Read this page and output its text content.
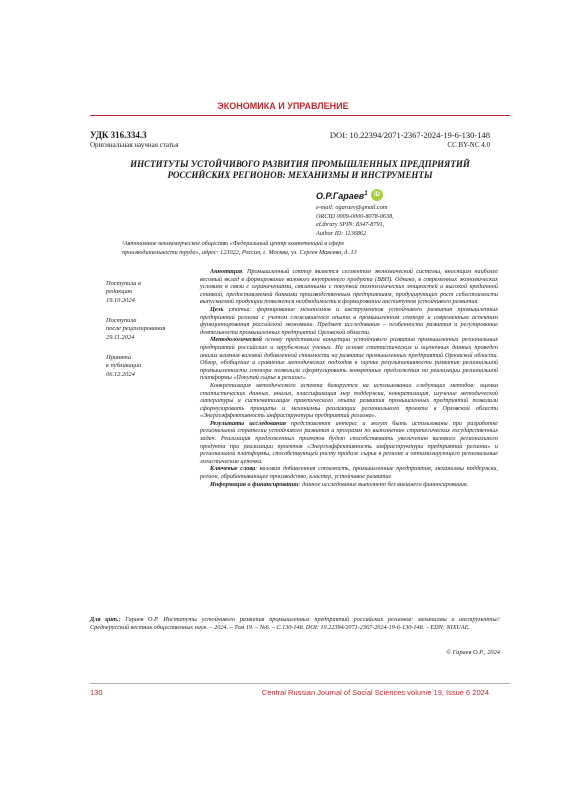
ЭКОНОМИКА И УПРАВЛЕНИЕ
УДК 316.334.3	DOI: 10.22394/2071-2367-2024-19-6-130-148
Оригинальная научная статья	CC BY-NC 4.0
ИНСТИТУТЫ УСТОЙЧИВОГО РАЗВИТИЯ ПРОМЫШЛЕННЫХ ПРЕДПРИЯТИЙ
РОССИЙСКИХ РЕГИОНОВ: МЕХАНИЗМЫ И ИНСТРУМЕНТЫ
О.Р.Гараев$^1$	iD
e-mail: ogaraev@gmail.com
ORCID 0009-0000-8078-0638,
eLibrary SPIN: 8347-8791,
Author ID: 1136862
¹Автономное некоммерческое общество «Федеральный центр компетенций в сфере
производительности труда», адрес: 123022, Россия, г. Москва, ул. Сергея Макеева, д. 13
Поступила в
редакцию
19.10.2024
Поступила
после рецензирования
29.11.2024
Принята
к публикации
06.12.2024

Аннотация. Промышленный сектор является сегментом экономической системы, вносящим наиболее весомый вклад в формирование валового внутреннего продукта (ВВП). Однако, в современных экономических условиях в связи с ограничениями, связанными с покупкой технологических мощностей и высокой кредитной ставкой, предоставляемой банками производственным предприятиям, продуцирующих рост себестоимости выпускаемой продукции появляется необходимость в формировании институтов устойчивого развития.

Цель статьи: формирование механизмов и инструментов устойчивого развития промышленных предприятий региона с учетом сложившегося опыта в промышленном секторе и современным аспектам функционирования российской экономики. Предмет исследования – особенности развития и регулирование деятельности промышленных предприятий Орловской области.

Методологической основу представили концепции устойчивого развития промышленных региональных предприятий российских и зарубежных ученых. На основе статистических и оценочных данных проведен анализ влияния валовой добавленной стоимости на развитие промышленных предприятий Орловской области. Обзор, обобщение и сравнение методических подходов к оценке результативности развития региональной промышленности сектора позволили сформулировать конкретные предложения по реализации региональной платформы «Покупай сырье в регионе».

Конкретизация методического аспекта базируется на использовании следующих методов: оценка статистических данных, анализ, классификация мер поддержки, конкретизация, изучение методической литературы и систематизация практического опыта развития промышленных предприятий позволили сформулировать принципы и механизмы реализации регионального проекта в Орловской области «Энергоэффективность инфраструктуры предприятий региона».

Результаты исследования представляют интерес и могут быть использованы при разработке региональной стратегии устойчивого развития и программ по выполнению стратегических государственных задач. Реализация предложенных проектов будет способствовать увеличению валового регионального продукта при реализации проектов «Энергоэффективность инфраструктуры предприятий региона» и региональной платформы, способствующей росту продаж сырья в регионе и оптимизирующего региональные логистические цепочки.

Ключевые слова: валовая добавленная стоимость, промышленные предприятия, механизмы поддержки, регион, обрабатывающее производство, кластер, устойчивое развитие

Информация о финансировании: данное исследование выполнено без внешнего финансирования.

Для цит.: Гараев О.Р. Институты устойчивого развития промышленных предприятий российских регионов: механизмы и инструменты// Среднерусский вестник общественных наук. – 2024. – Том 19. – №6. – С.130-148. DOI: 10.22394/2071-2367-2024-19-6-130-148. – EDN: NIXUAE.
© Гараев О.Р., 2024
130	Central Russian Journal of Social Sciences volume 19, Issue 6 2024
